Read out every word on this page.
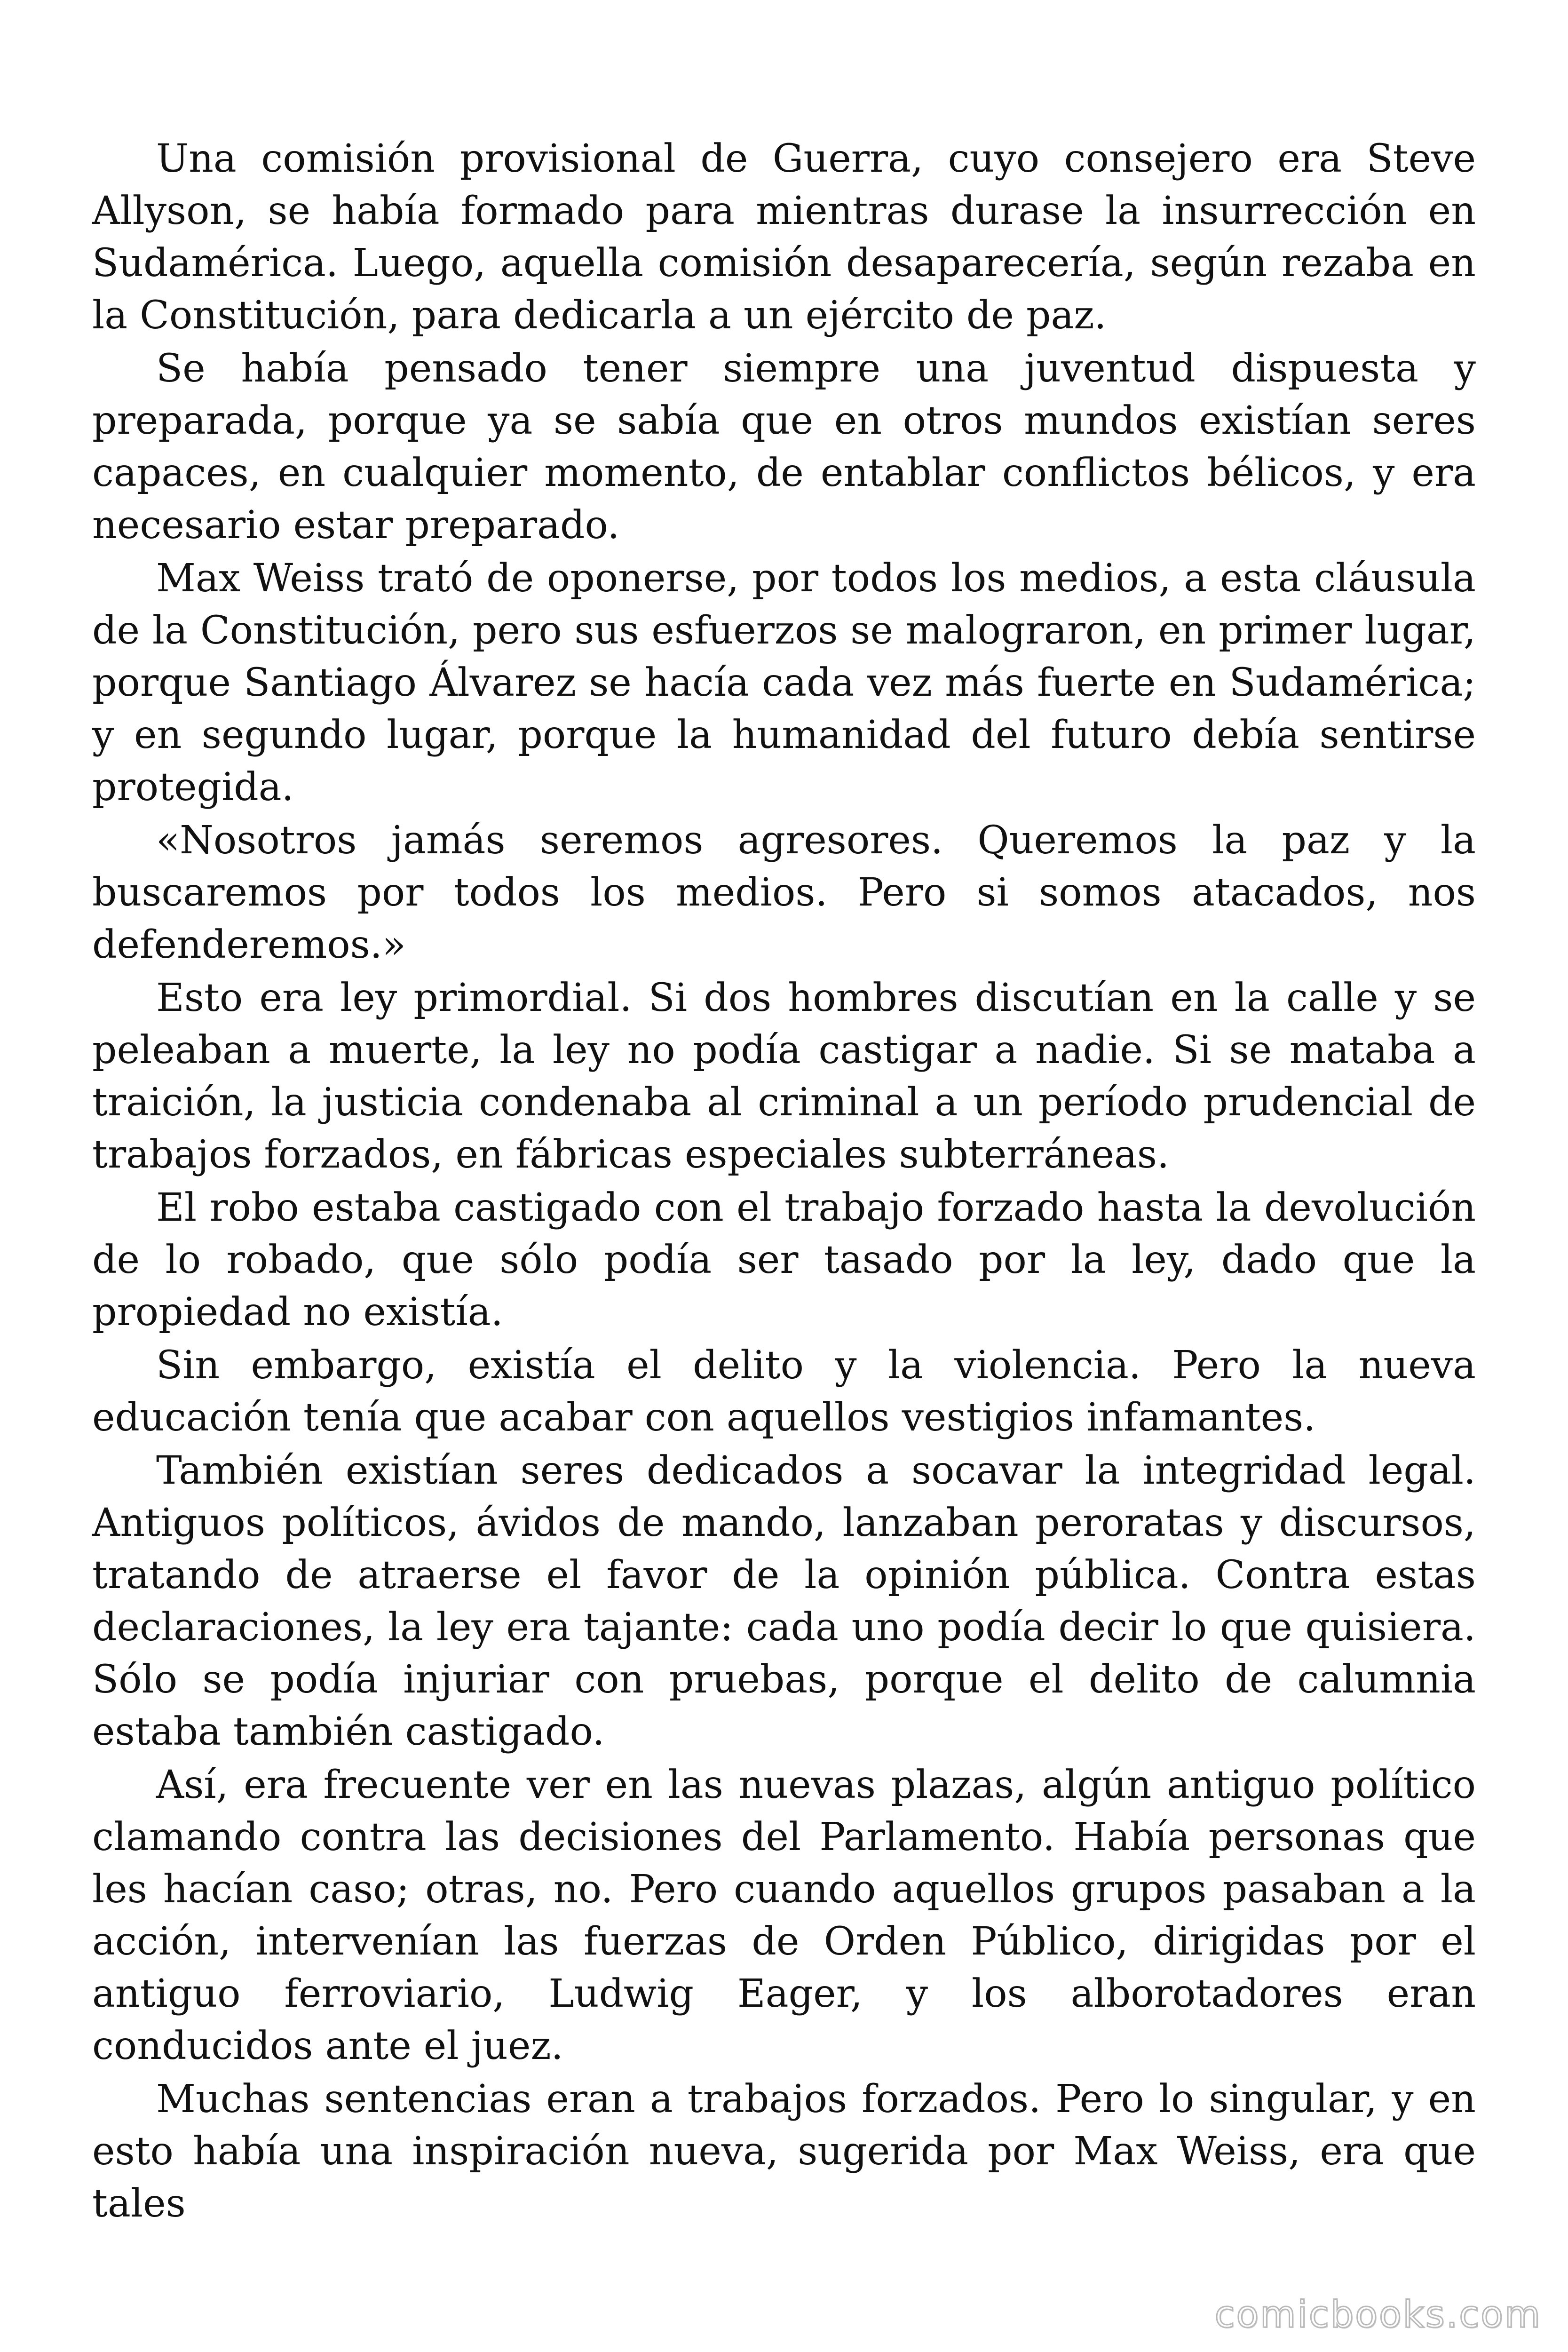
Una comisión provisional de Guerra, cuyo consejero era Steve Allyson, se había formado para mientras durase la insurrección en Sudamérica. Luego, aquella comisión desaparecería, según rezaba en la Constitución, para dedicarla a un ejército de paz.

Se había pensado tener siempre una juventud dispuesta y preparada, porque ya se sabía que en otros mundos existían seres capaces, en cualquier momento, de entablar conflictos bélicos, y era necesario estar preparado.

Max Weiss trató de oponerse, por todos los medios, a esta cláusula de la Constitución, pero sus esfuerzos se malograron, en primer lugar, porque Santiago Álvarez se hacía cada vez más fuerte en Sudamérica; y en segundo lugar, porque la humanidad del futuro debía sentirse protegida.

«Nosotros jamás seremos agresores. Queremos la paz y la buscaremos por todos los medios. Pero si somos atacados, nos defenderemos.»

Esto era ley primordial. Si dos hombres discutían en la calle y se peleaban a muerte, la ley no podía castigar a nadie. Si se mataba a traición, la justicia condenaba al criminal a un período prudencial de trabajos forzados, en fábricas especiales subterráneas.

El robo estaba castigado con el trabajo forzado hasta la devolución de lo robado, que sólo podía ser tasado por la ley, dado que la propiedad no existía.

Sin embargo, existía el delito y la violencia. Pero la nueva educación tenía que acabar con aquellos vestigios infamantes.

También existían seres dedicados a socavar la integridad legal. Antiguos políticos, ávidos de mando, lanzaban peroratas y discursos, tratando de atraerse el favor de la opinión pública. Contra estas declaraciones, la ley era tajante: cada uno podía decir lo que quisiera. Sólo se podía injuriar con pruebas, porque el delito de calumnia estaba también castigado.

Así, era frecuente ver en las nuevas plazas, algún antiguo político clamando contra las decisiones del Parlamento. Había personas que les hacían caso; otras, no. Pero cuando aquellos grupos pasaban a la acción, intervenían las fuerzas de Orden Público, dirigidas por el antiguo ferroviario, Ludwig Eager, y los alborotadores eran conducidos ante el juez.

Muchas sentencias eran a trabajos forzados. Pero lo singular, y en esto había una inspiración nueva, sugerida por Max Weiss, era que tales

comicbooks.com
